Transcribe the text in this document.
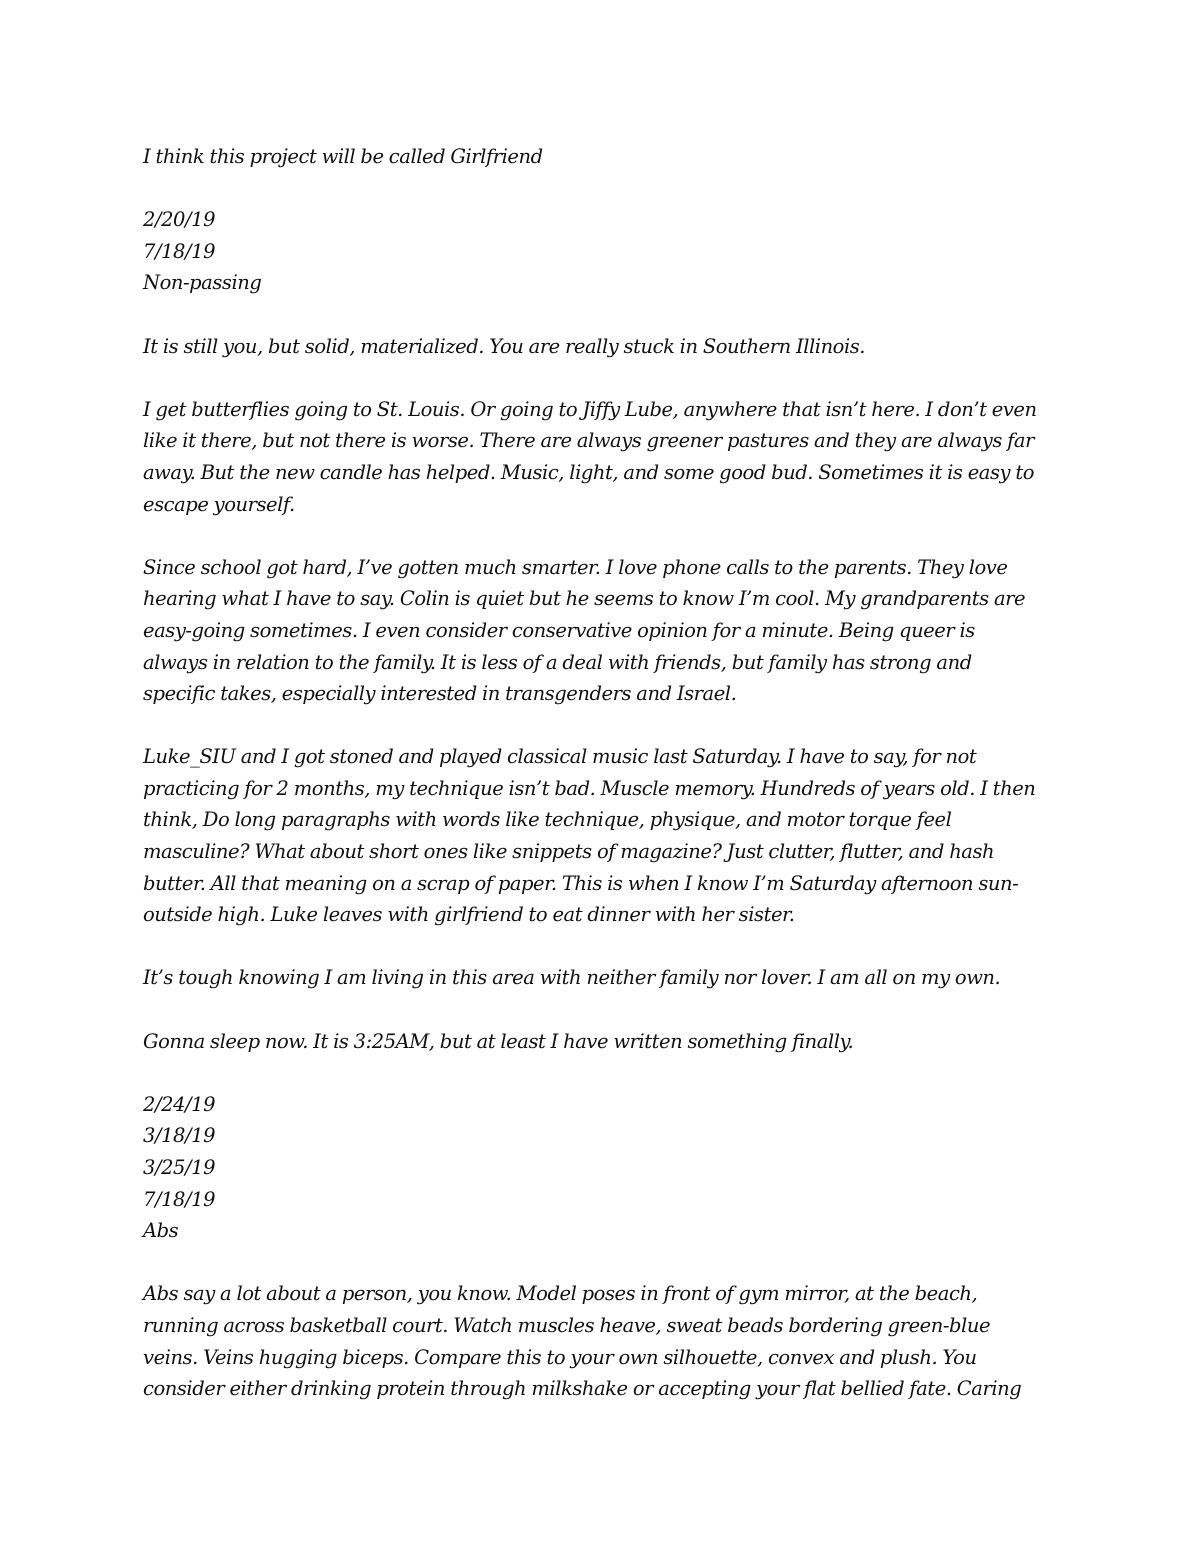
I think this project will be called Girlfriend

2/20/19
7/18/19
Non-passing

It is still you, but solid, materialized. You are really stuck in Southern Illinois.

I get butterflies going to St. Louis. Or going to Jiffy Lube, anywhere that isn’t here. I don’t even
like it there, but not there is worse. There are always greener pastures and they are always far
away. But the new candle has helped. Music, light, and some good bud. Sometimes it is easy to
escape yourself.

Since school got hard, I’ve gotten much smarter. I love phone calls to the parents. They love
hearing what I have to say. Colin is quiet but he seems to know I’m cool. My grandparents are
easy-going sometimes. I even consider conservative opinion for a minute. Being queer is
always in relation to the family. It is less of a deal with friends, but family has strong and
specific takes, especially interested in transgenders and Israel.

Luke_SIU and I got stoned and played classical music last Saturday. I have to say, for not
practicing for 2 months, my technique isn’t bad. Muscle memory. Hundreds of years old. I then
think, Do long paragraphs with words like technique, physique, and motor torque feel
masculine? What about short ones like snippets of magazine? Just clutter, flutter, and hash
butter. All that meaning on a scrap of paper. This is when I know I’m Saturday afternoon sun-
outside high. Luke leaves with girlfriend to eat dinner with her sister.

It’s tough knowing I am living in this area with neither family nor lover. I am all on my own.

Gonna sleep now. It is 3:25AM, but at least I have written something finally.

2/24/19
3/18/19
3/25/19
7/18/19
Abs

Abs say a lot about a person, you know. Model poses in front of gym mirror, at the beach,
running across basketball court. Watch muscles heave, sweat beads bordering green-blue
veins. Veins hugging biceps. Compare this to your own silhouette, convex and plush. You
consider either drinking protein through milkshake or accepting your flat bellied fate. Caring
